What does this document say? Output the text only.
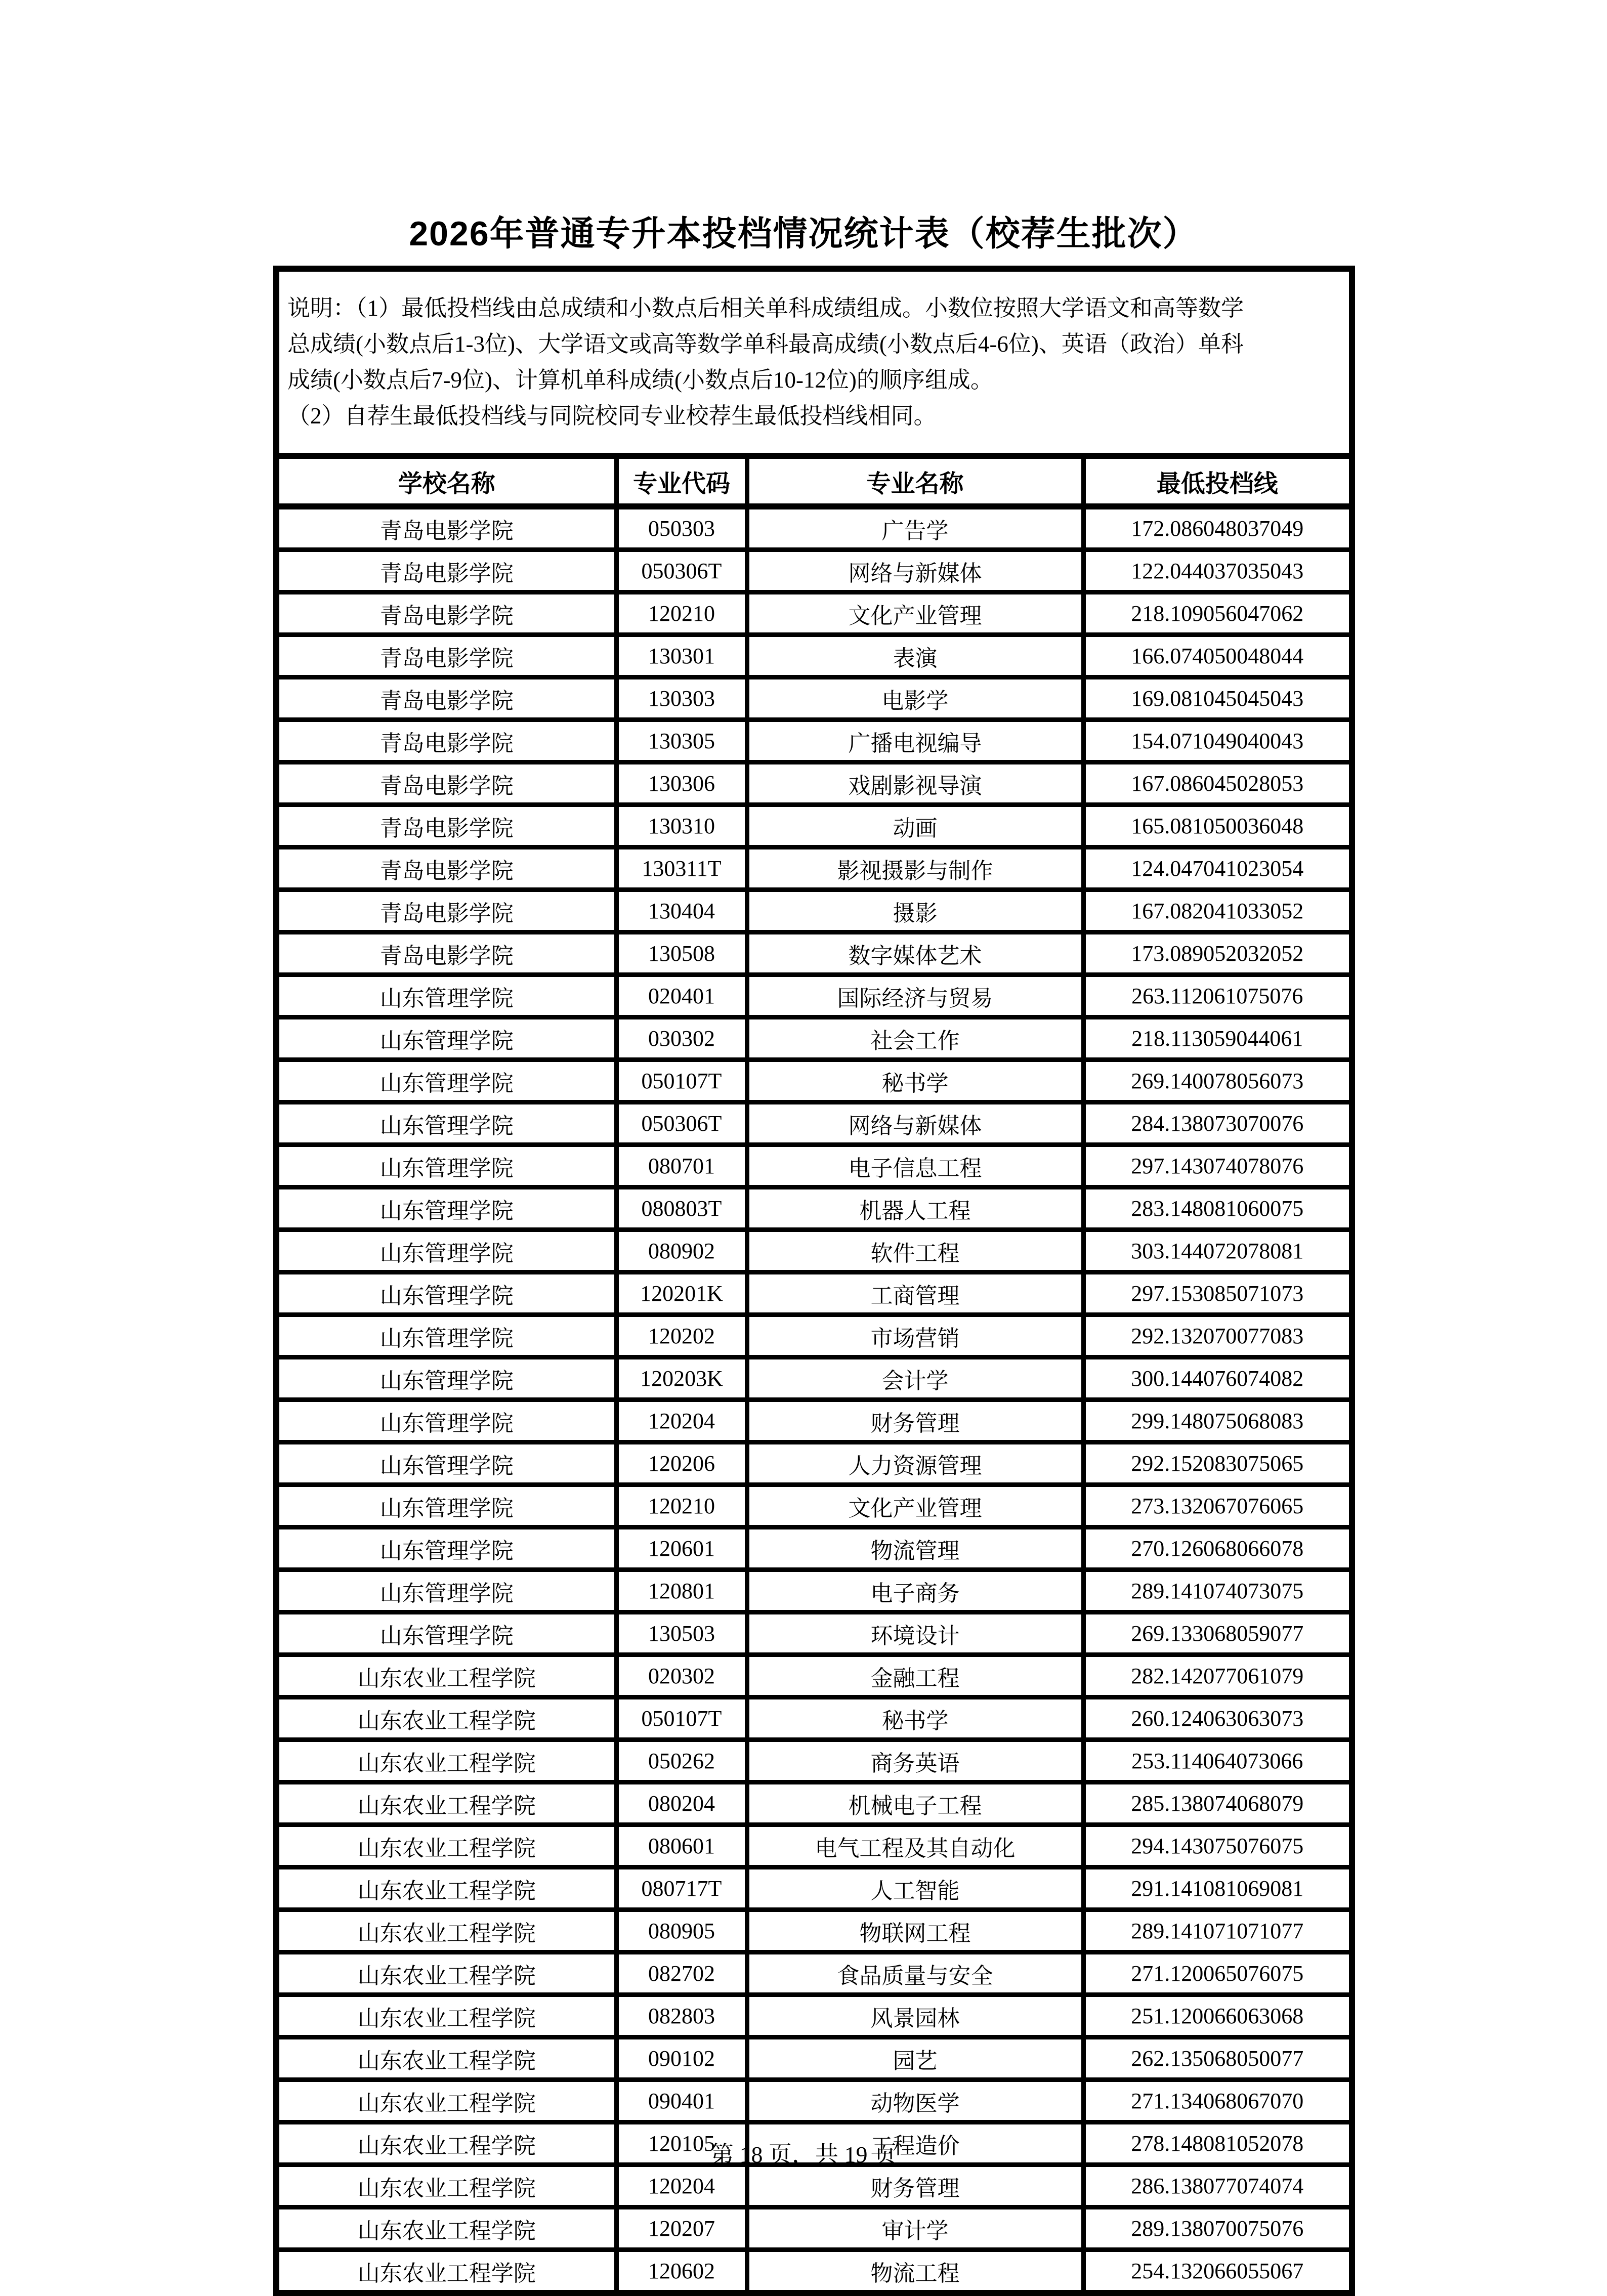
2026年普通专升本投档情况统计表（校荐生批次）
说明：（1）最低投档线由总成绩和小数点后相关单科成绩组成。小数位按照大学语文和高等数学
总成绩(小数点后1-3位)、大学语文或高等数学单科最高成绩(小数点后4-6位)、英语（政治）单科
成绩(小数点后7-9位)、计算机单科成绩(小数点后10-12位)的顺序组成。
（2）自荐生最低投档线与同院校同专业校荐生最低投档线相同。			

学校名称	专业代码	专业名称	最低投档线
青岛电影学院	050303	广告学	172.086048037049
青岛电影学院	050306T	网络与新媒体	122.044037035043
青岛电影学院	120210	文化产业管理	218.109056047062
青岛电影学院	130301	表演	166.074050048044
青岛电影学院	130303	电影学	169.081045045043
青岛电影学院	130305	广播电视编导	154.071049040043
青岛电影学院	130306	戏剧影视导演	167.086045028053
青岛电影学院	130310	动画	165.081050036048
青岛电影学院	130311T	影视摄影与制作	124.047041023054
青岛电影学院	130404	摄影	167.082041033052
青岛电影学院	130508	数字媒体艺术	173.089052032052
山东管理学院	020401	国际经济与贸易	263.112061075076
山东管理学院	030302	社会工作	218.113059044061
山东管理学院	050107T	秘书学	269.140078056073
山东管理学院	050306T	网络与新媒体	284.138073070076
山东管理学院	080701	电子信息工程	297.143074078076
山东管理学院	080803T	机器人工程	283.148081060075
山东管理学院	080902	软件工程	303.144072078081
山东管理学院	120201K	工商管理	297.153085071073
山东管理学院	120202	市场营销	292.132070077083
山东管理学院	120203K	会计学	300.144076074082
山东管理学院	120204	财务管理	299.148075068083
山东管理学院	120206	人力资源管理	292.152083075065
山东管理学院	120210	文化产业管理	273.132067076065
山东管理学院	120601	物流管理	270.126068066078
山东管理学院	120801	电子商务	289.141074073075
山东管理学院	130503	环境设计	269.133068059077
山东农业工程学院	020302	金融工程	282.142077061079
山东农业工程学院	050107T	秘书学	260.124063063073
山东农业工程学院	050262	商务英语	253.114064073066
山东农业工程学院	080204	机械电子工程	285.138074068079
山东农业工程学院	080601	电气工程及其自动化	294.143075076075
山东农业工程学院	080717T	人工智能	291.141081069081
山东农业工程学院	080905	物联网工程	289.141071071077
山东农业工程学院	082702	食品质量与安全	271.120065076075
山东农业工程学院	082803	风景园林	251.120066063068
山东农业工程学院	090102	园艺	262.135068050077
山东农业工程学院	090401	动物医学	271.134068067070
山东农业工程学院	120105	工程造价	278.148081052078
山东农业工程学院	120204	财务管理	286.138077074074
山东农业工程学院	120207	审计学	289.138070075076
山东农业工程学院	120602	物流工程	254.132066055067
第 18 页，共 19 页
